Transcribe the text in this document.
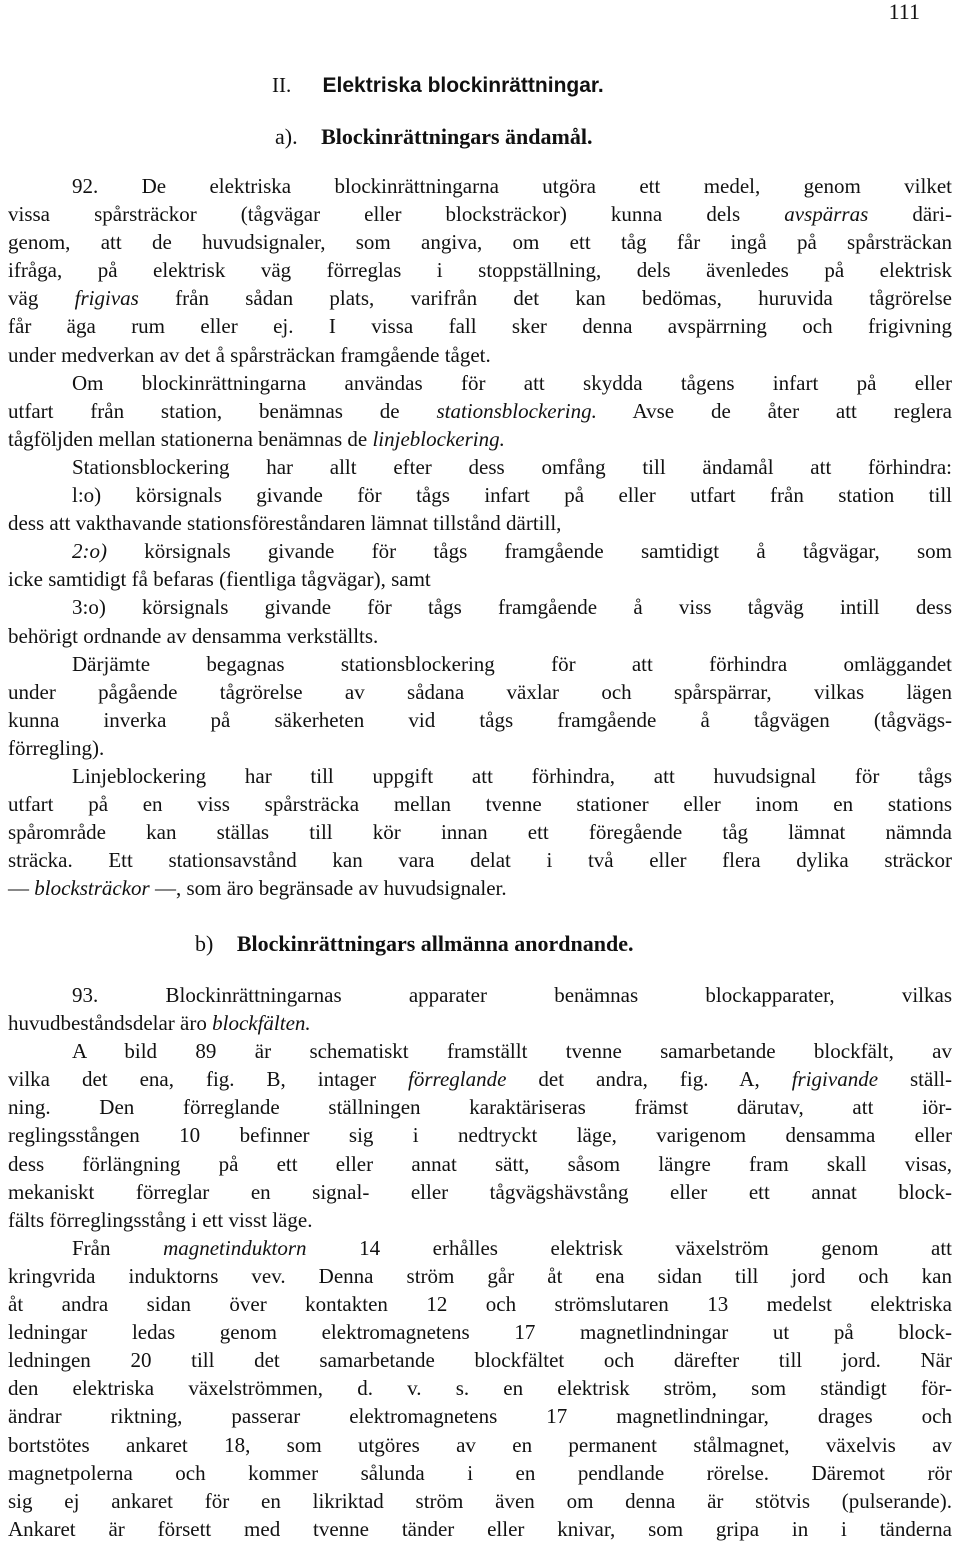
111
II. Elektriska blockinrättningar.
a). Blockinrättningars ändamål.
92. De elektriska blockinrättningarna utgöra ett medel, genom vilket
vissa spårsträckor (tågvägar eller blocksträckor) kunna dels avspärras däri-
genom, att de huvudsignaler, som angiva, om ett tåg får ingå på spårsträckan
ifråga, på elektrisk väg förreglas i stoppställning, dels ävenledes på elektrisk
väg frigivas från sådan plats, varifrån det kan bedömas, huruvida tågrörelse
får äga rum eller ej. I vissa fall sker denna avspärrning och frigivning
under medverkan av det å spårsträckan framgående tåget.
Om blockinrättningarna användas för att skydda tågens infart på eller
utfart från station, benämnas de stationsblockering. Avse de åter att reglera
tågföljden mellan stationerna benämnas de linjeblockering.
Stationsblockering har allt efter dess omfång till ändamål att förhindra:
l:o) körsignals givande för tågs infart på eller utfart från station till
dess att vakthavande stationsföreståndaren lämnat tillstånd därtill,
2:o) körsignals givande för tågs framgående samtidigt å tågvägar, som
icke samtidigt få befaras (fientliga tågvägar), samt
3:o) körsignals givande för tågs framgående å viss tågväg intill dess
behörigt ordnande av densamma verkställts.
Därjämte begagnas stationsblockering för att förhindra omläggandet
under pågående tågrörelse av sådana växlar och spårspärrar, vilkas lägen
kunna inverka på säkerheten vid tågs framgående å tågvägen (tågvägs-
förregling).
Linjeblockering har till uppgift att förhindra, att huvudsignal för tågs
utfart på en viss spårsträcka mellan tvenne stationer eller inom en stations
spårområde kan ställas till kör innan ett föregående tåg lämnat nämnda
sträcka. Ett stationsavstånd kan vara delat i två eller flera dylika sträckor
— blocksträckor —, som äro begränsade av huvudsignaler.
b) Blockinrättningars allmänna anordnande.
93. Blockinrättningarnas apparater benämnas blockapparater, vilkas
huvudbeståndsdelar äro blockfälten.
A bild 89 är schematiskt framställt tvenne samarbetande blockfält, av
vilka det ena, fig. B, intager förreglande det andra, fig. A, frigivande ställ-
ning. Den förreglande ställningen karaktäriseras främst därutav, att iör-
reglingsstången 10 befinner sig i nedtryckt läge, varigenom densamma eller
dess förlängning på ett eller annat sätt, såsom längre fram skall visas,
mekaniskt förreglar en signal- eller tågvägshävstång eller ett annat block-
fälts förreglingsstång i ett visst läge.
Från magnetinduktorn 14 erhålles elektrisk växelström genom att
kringvrida induktorns vev. Denna ström går åt ena sidan till jord och kan
åt andra sidan över kontakten 12 och strömslutaren 13 medelst elektriska
ledningar ledas genom elektromagnetens 17 magnetlindningar ut på block-
ledningen 20 till det samarbetande blockfältet och därefter till jord. När
den elektriska växelströmmen, d. v. s. en elektrisk ström, som ständigt för-
ändrar riktning, passerar elektromagnetens 17 magnetlindningar, drages och
bortstötes ankaret 18, som utgöres av en permanent stålmagnet, växelvis av
magnetpolerna och kommer sålunda i en pendlande rörelse. Däremot rör
sig ej ankaret för en likriktad ström även om denna är stötvis (pulserande).
Ankaret är försett med tvenne tänder eller knivar, som gripa in i tänderna
